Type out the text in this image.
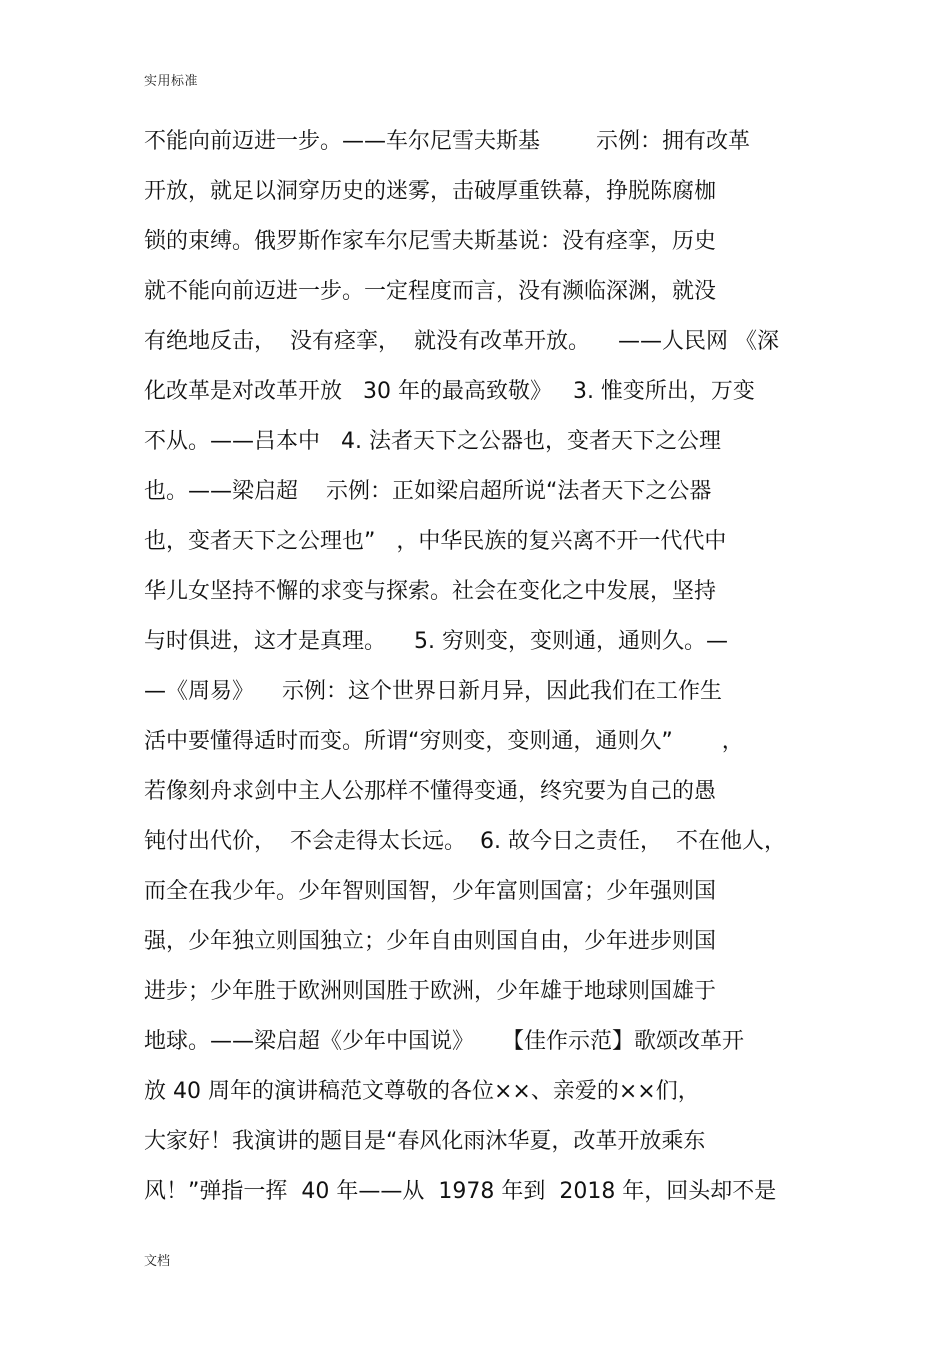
实用标准
不能向前迈进一步。——车尔尼雪夫斯基        示例：拥有改革
开放，就足以洞穿历史的迷雾，击破厚重铁幕，挣脱陈腐枷
锁的束缚。俄罗斯作家车尔尼雪夫斯基说：没有痉挛，历史
就不能向前迈进一步。一定程度而言，没有濒临深渊，就没
有绝地反击，  没有痉挛，  就没有改革开放。    ——人民网 《深
化改革是对改革开放   30 年的最高致敬》   3. 惟变所出，万变
不从。——吕本中   4. 法者天下之公器也，变者天下之公理
也。——梁启超    示例：正如梁启超所说“法者天下之公器
也，变者天下之公理也”   ，中华民族的复兴离不开一代代中
华儿女坚持不懈的求变与探索。社会在变化之中发展，坚持
与时俱进，这才是真理。    5. 穷则变，变则通，通则久。—
—《周易》    示例：这个世界日新月异，因此我们在工作生
活中要懂得适时而变。所谓“穷则变，变则通，通则久”       ，
若像刻舟求剑中主人公那样不懂得变通，终究要为自己的愚
钝付出代价，  不会走得太长远。  6. 故今日之责任，  不在他人，
而全在我少年。少年智则国智，少年富则国富；少年强则国
强，少年独立则国独立；少年自由则国自由，少年进步则国
进步；少年胜于欧洲则国胜于欧洲，少年雄于地球则国雄于
地球。——梁启超《少年中国说》    【佳作示范】歌颂改革开
放 40 周年的演讲稿范文尊敬的各位××、亲爱的××们，
大家好！我演讲的题目是“春风化雨沐华夏，改革开放乘东
风！”弹指一挥  40 年——从  1978 年到  2018 年，回头却不是
文档
